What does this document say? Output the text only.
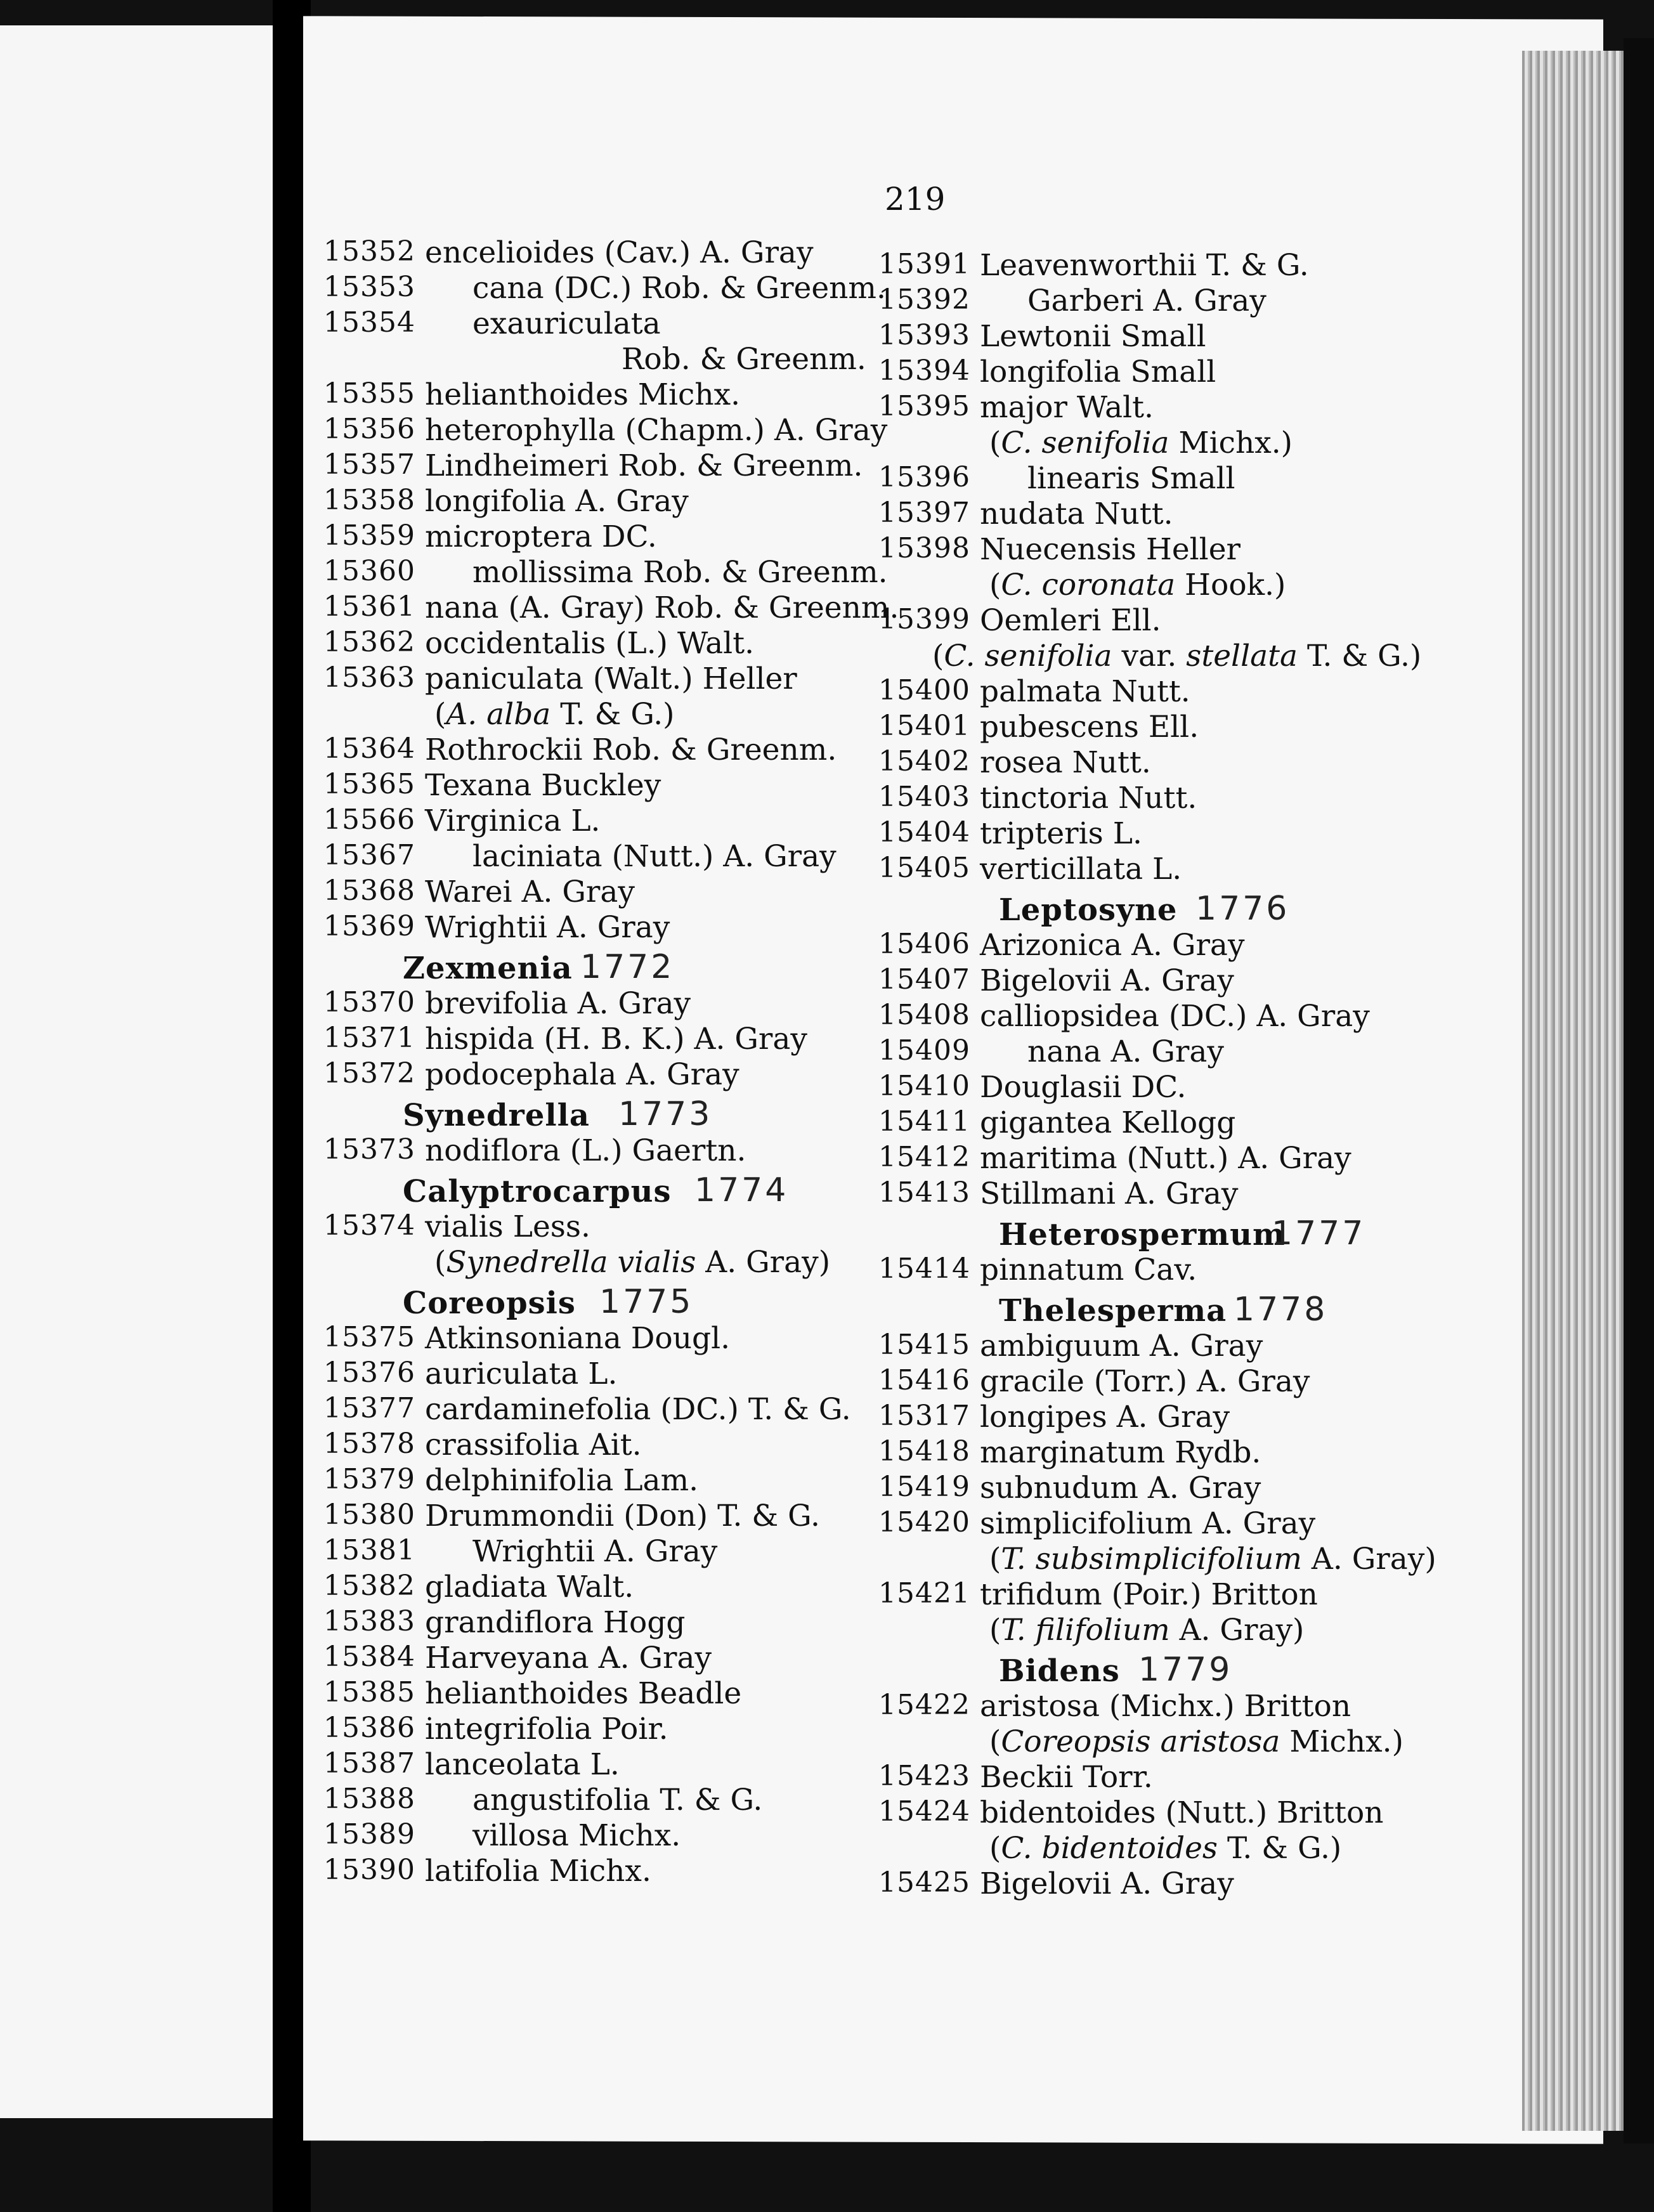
219
15352 encelioides (Cav.) A. Gray
15353 cana (DC.) Rob. & Greenm.
15354 exauriculata
Rob. & Greenm.
15355 helianthoides Michx.
15356 heterophylla (Chapm.) A. Gray
15357 Lindheimeri Rob. & Greenm.
15358 longifolia A. Gray
15359 microptera DC.
15360 mollissima Rob. & Greenm.
15361 nana (A. Gray) Rob. & Greenm.
15362 occidentalis (L.) Walt.
15363 paniculata (Walt.) Heller
(A. alba T. & G.)
15364 Rothrockii Rob. & Greenm.
15365 Texana Buckley
15566 Virginica L.
15367 laciniata (Nutt.) A. Gray
15368 Warei A. Gray
15369 Wrightii A. Gray
Zexmenia 1772
15370 brevifolia A. Gray
15371 hispida (H. B. K.) A. Gray
15372 podocephala A. Gray
Synedrella 1773
15373 nodiflora (L.) Gaertn.
Calyptrocarpus 1774
15374 vialis Less.
(Synedrella vialis A. Gray)
Coreopsis 1775
15375 Atkinsoniana Dougl.
15376 auriculata L.
15377 cardaminefolia (DC.) T. & G.
15378 crassifolia Ait.
15379 delphinifolia Lam.
15380 Drummondii (Don) T. & G.
15381 Wrightii A. Gray
15382 gladiata Walt.
15383 grandiflora Hogg
15384 Harveyana A. Gray
15385 helianthoides Beadle
15386 integrifolia Poir.
15387 lanceolata L.
15388 angustifolia T. & G.
15389 villosa Michx.
15390 latifolia Michx.
15391 Leavenworthii T. & G.
15392 Garberi A. Gray
15393 Lewtonii Small
15394 longifolia Small
15395 major Walt.
(C. senifolia Michx.)
15396 linearis Small
15397 nudata Nutt.
15398 Nuecensis Heller
(C. coronata Hook.)
15399 Oemleri Ell.
(C. senifolia var. stellata T. & G.)
15400 palmata Nutt.
15401 pubescens Ell.
15402 rosea Nutt.
15403 tinctoria Nutt.
15404 tripteris L.
15405 verticillata L.
Leptosyne 1776
15406 Arizonica A. Gray
15407 Bigelovii A. Gray
15408 calliopsidea (DC.) A. Gray
15409 nana A. Gray
15410 Douglasii DC.
15411 gigantea Kellogg
15412 maritima (Nutt.) A. Gray
15413 Stillmani A. Gray
Heterospermum
1777
15414 pinnatum Cav.
Thelesperma 1778
15415 ambiguum A. Gray
15416 gracile (Torr.) A. Gray
15317 longipes A. Gray
15418 marginatum Rydb.
15419 subnudum A. Gray
15420 simplicifolium A. Gray
(T. subsimplicifolium A. Gray)
15421 trifidum (Poir.) Britton
(T. filifolium A. Gray)
Bidens 1779
15422 aristosa (Michx.) Britton
(Coreopsis aristosa Michx.)
15423 Beckii Torr.
15424 bidentoides (Nutt.) Britton
(C. bidentoides T. & G.)
15425 Bigelovii A. Gray
